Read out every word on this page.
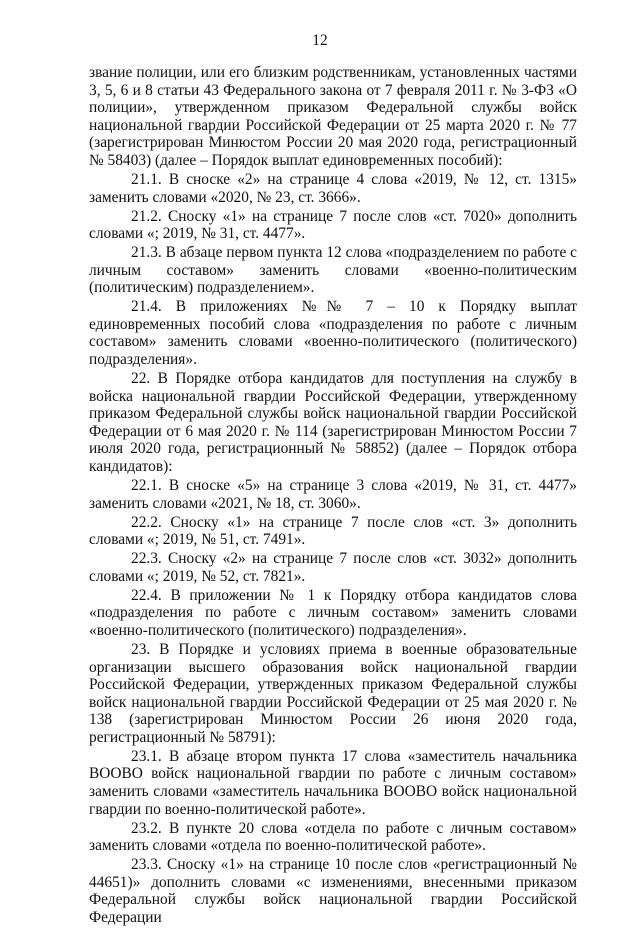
12

звание полиции, или его близким родственникам, установленных частями 3, 5, 6 и 8 статьи 43 Федерального закона от 7 февраля 2011 г. № 3-ФЗ «О полиции», утвержденном приказом Федеральной службы войск национальной гвардии Российской Федерации от 25 марта 2020 г. № 77 (зарегистрирован Минюстом России 20 мая 2020 года, регистрационный № 58403) (далее – Порядок выплат единовременных пособий):

21.1. В сноске «2» на странице 4 слова «2019, № 12, ст. 1315» заменить словами «2020, № 23, ст. 3666».

21.2. Сноску «1» на странице 7 после слов «ст. 7020» дополнить словами «; 2019, № 31, ст. 4477».

21.3. В абзаце первом пункта 12 слова «подразделением по работе с личным составом» заменить словами «военно-политическим (политическим) подразделением».

21.4. В приложениях №№ 7 – 10 к Порядку выплат единовременных пособий слова «подразделения по работе с личным составом» заменить словами «военно-политического (политического) подразделения».

22. В Порядке отбора кандидатов для поступления на службу в войска национальной гвардии Российской Федерации, утвержденному приказом Федеральной службы войск национальной гвардии Российской Федерации от 6 мая 2020 г. № 114 (зарегистрирован Минюстом России 7 июля 2020 года, регистрационный № 58852) (далее – Порядок отбора кандидатов):

22.1. В сноске «5» на странице 3 слова «2019, № 31, ст. 4477» заменить словами «2021, № 18, ст. 3060».

22.2. Сноску «1» на странице 7 после слов «ст. 3» дополнить словами «; 2019, № 51, ст. 7491».

22.3. Сноску «2» на странице 7 после слов «ст. 3032» дополнить словами «; 2019, № 52, ст. 7821».

22.4. В приложении № 1 к Порядку отбора кандидатов слова «подразделения по работе с личным составом» заменить словами «военно-политического (политического) подразделения».

23. В Порядке и условиях приема в военные образовательные организации высшего образования войск национальной гвардии Российской Федерации, утвержденных приказом Федеральной службы войск национальной гвардии Российской Федерации от 25 мая 2020 г. № 138 (зарегистрирован Минюстом России 26 июня 2020 года, регистрационный № 58791):

23.1. В абзаце втором пункта 17 слова «заместитель начальника ВООВО войск национальной гвардии по работе с личным составом» заменить словами «заместитель начальника ВООВО войск национальной гвардии по военно-политической работе».

23.2. В пункте 20 слова «отдела по работе с личным составом» заменить словами «отдела по военно-политической работе».

23.3. Сноску «1» на странице 10 после слов «регистрационный № 44651)» дополнить словами «с изменениями, внесенными приказом Федеральной службы войск национальной гвардии Российской Федерации
